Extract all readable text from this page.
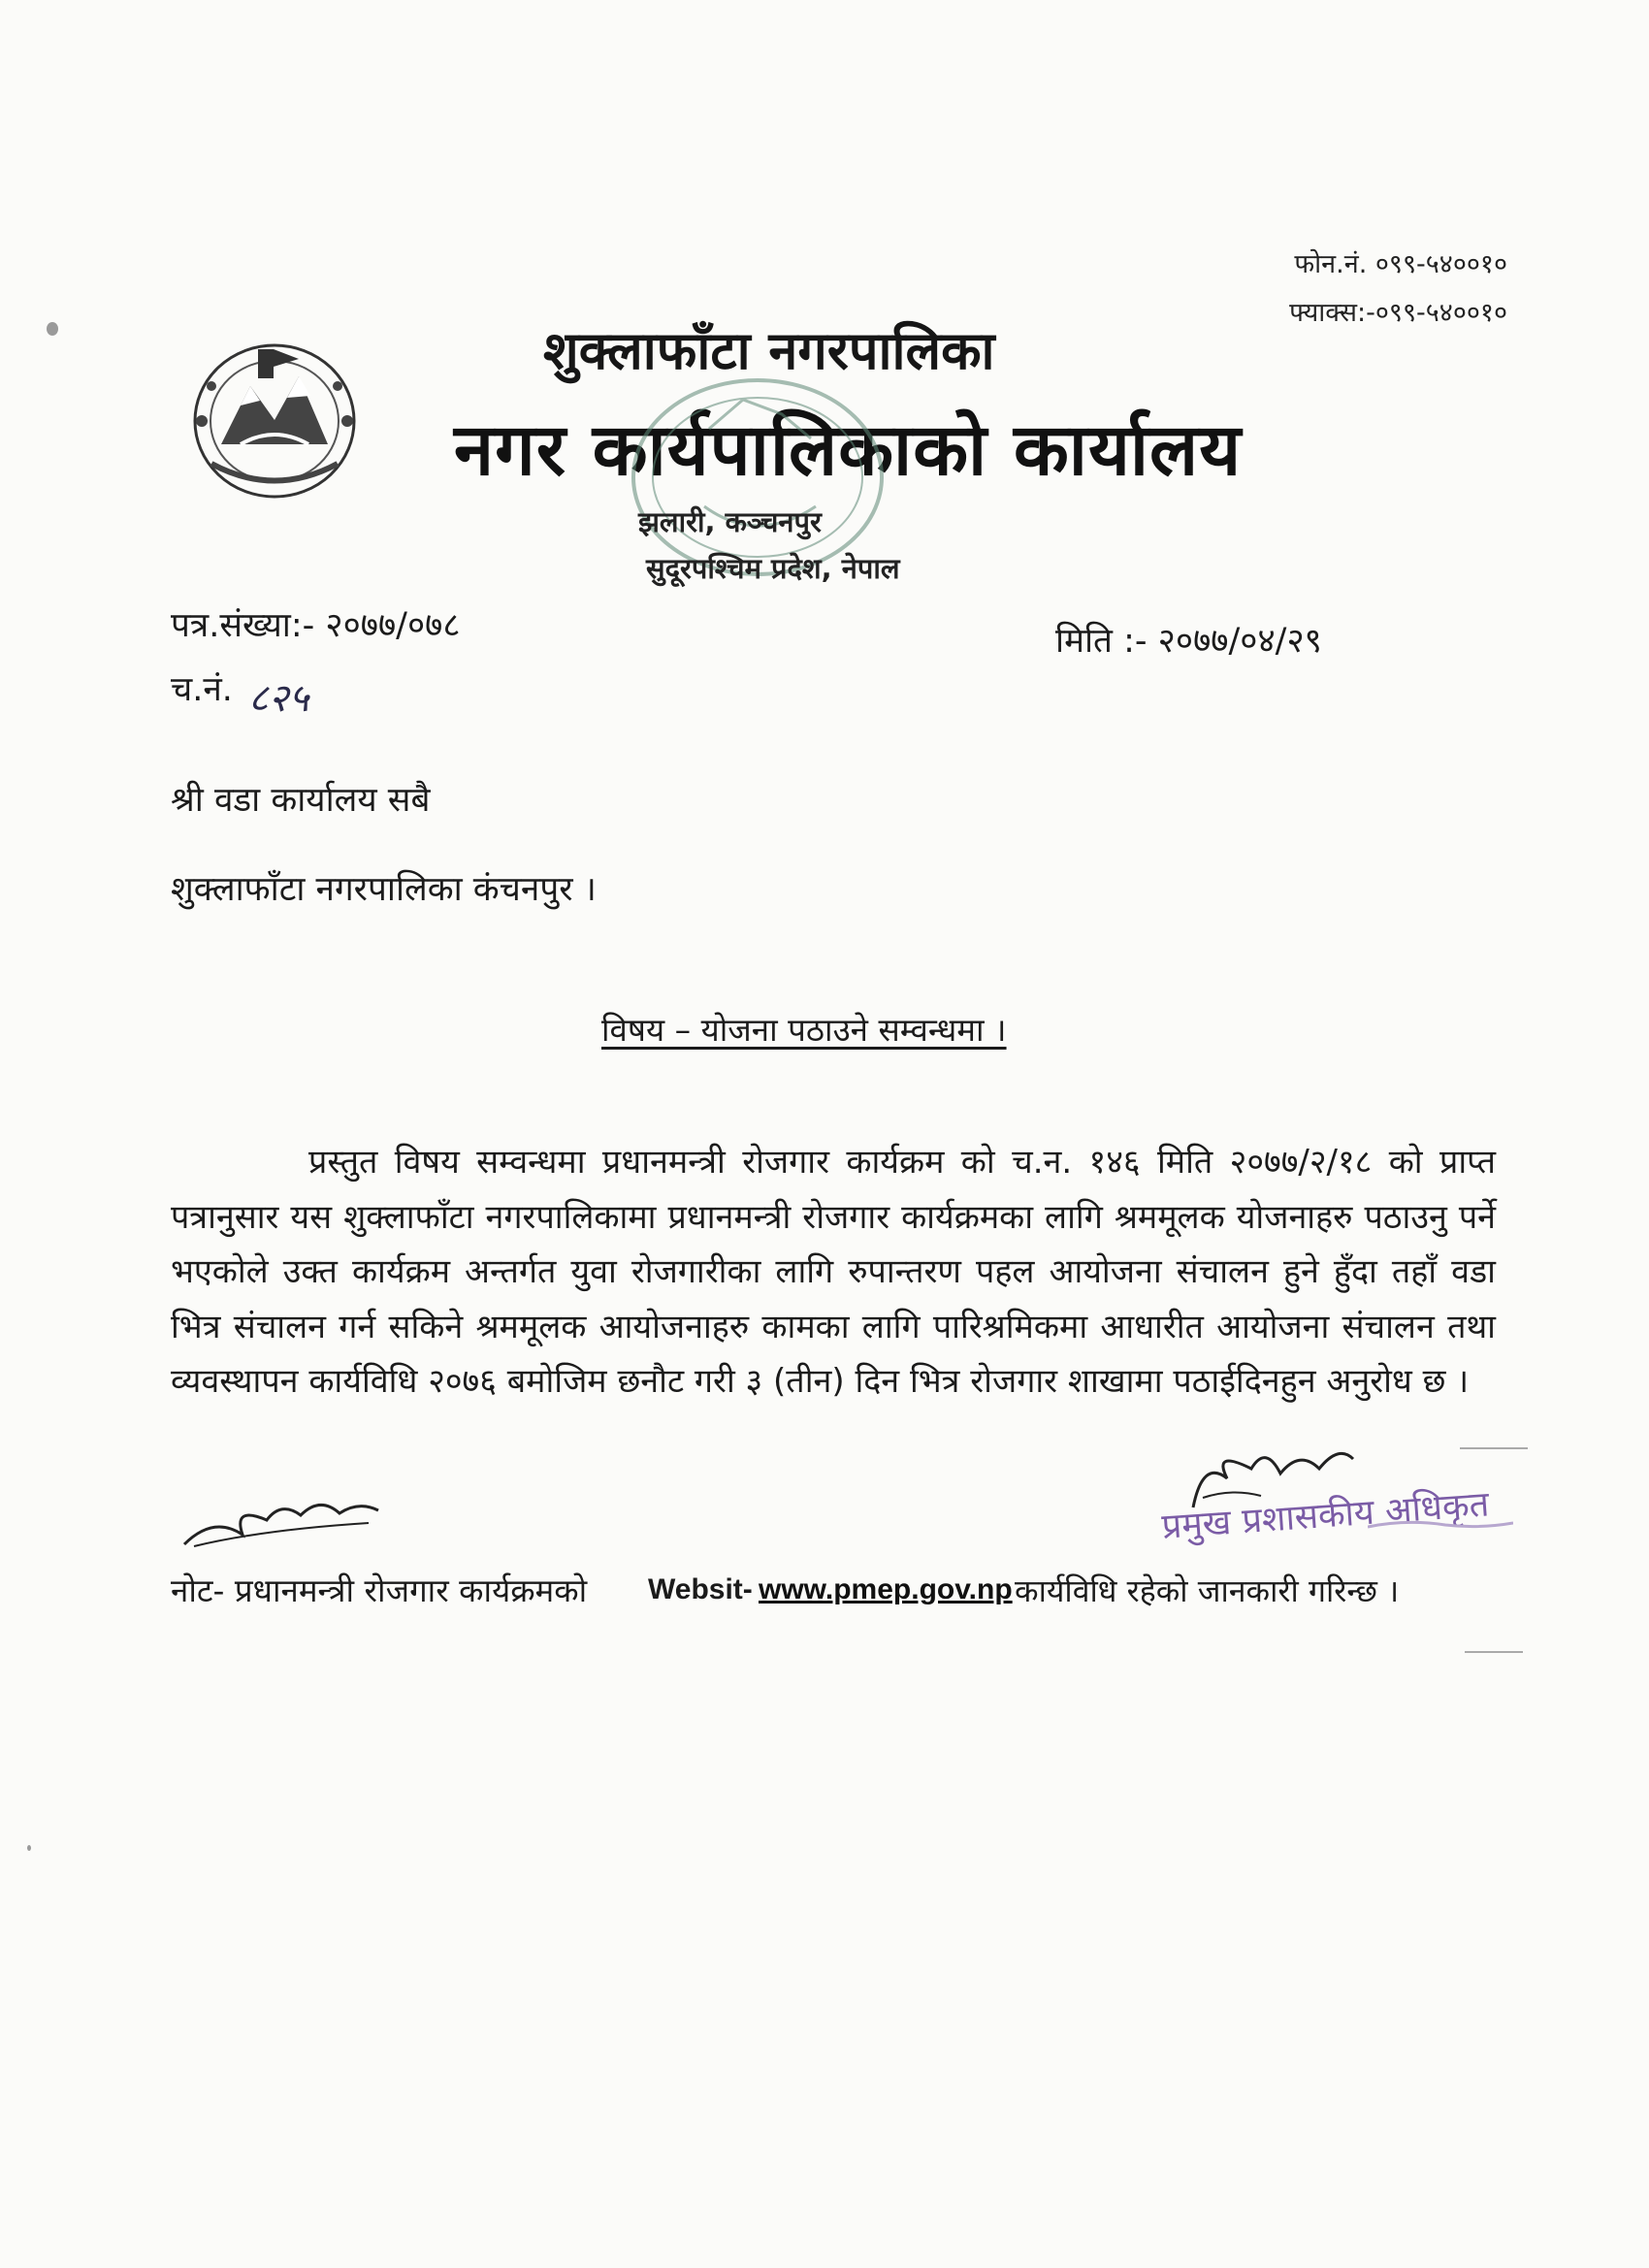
फोन.नं. ०९९-५४००१०
फ्याक्स:-०९९-५४००१०
शुक्लाफाँटा नगरपालिका
नगर कार्यपालिकाको कार्यालय
झलारी, कञ्चनपुर
सुदूरपश्चिम प्रदेश, नेपाल
पत्र.संख्या:- २०७७/०७८	मिति :- २०७७/०४/२९
च.नं. ८२५
श्री वडा कार्यालय सबै
शुक्लाफाँटा नगरपालिका कंचनपुर ।
विषय – योजना पठाउने सम्वन्धमा ।
प्रस्तुत विषय सम्वन्धमा प्रधानमन्त्री रोजगार कार्यक्रम को च.न. १४६ मिति २०७७/२/१८ को प्राप्त पत्रानुसार यस शुक्लाफाँटा नगरपालिकामा प्रधानमन्त्री रोजगार कार्यक्रमका लागि श्रममूलक योजनाहरु पठाउनु पर्ने भएकोले उक्त कार्यक्रम अन्तर्गत युवा रोजगारीका लागि रुपान्तरण पहल आयोजना संचालन हुने हुँदा तहाँ वडा भित्र संचालन गर्न सकिने श्रममूलक आयोजनाहरु कामका लागि पारिश्रमिकमा आधारीत आयोजना संचालन तथा व्यवस्थापन कार्यविधि २०७६ बमोजिम छनौट गरी ३ (तीन) दिन भित्र रोजगार शाखामा पठाईदिनहुन अनुरोध छ ।
प्रमुख प्रशासकीय अधिकृत
नोट- प्रधानमन्त्री रोजगार कार्यक्रमको Websit- www.pmep.gov.np कार्यविधि रहेको जानकारी गरिन्छ ।
